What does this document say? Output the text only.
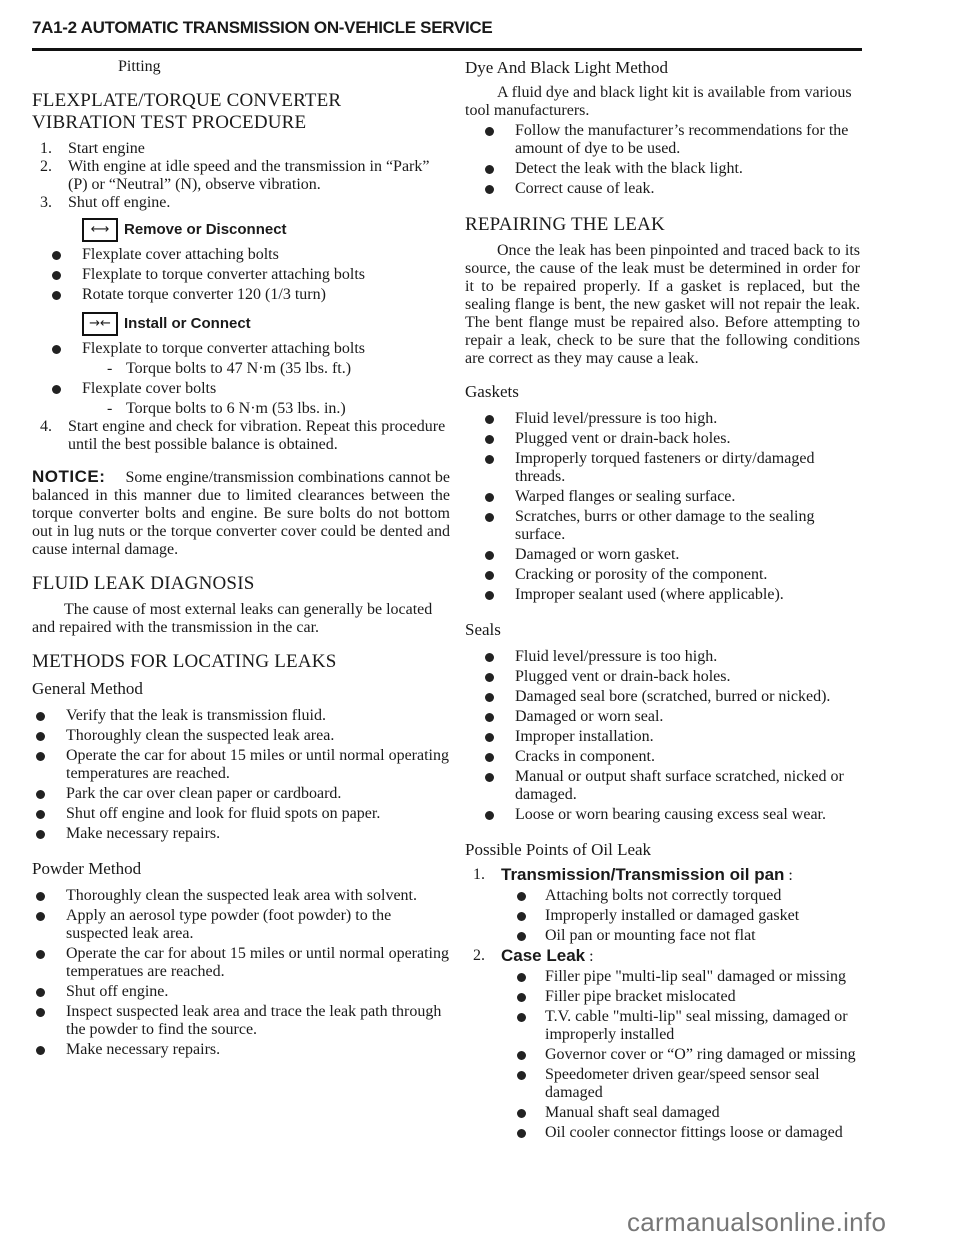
7A1-2 AUTOMATIC TRANSMISSION ON-VEHICLE SERVICE
Pitting
FLEXPLATE/TORQUE CONVERTER VIBRATION TEST PROCEDURE
1.	Start engine
2.	With engine at idle speed and the transmission in “Park” (P) or “Neutral” (N), observe vibration.
3.	Shut off engine.
⟷ Remove or Disconnect
Flexplate cover attaching bolts
Flexplate to torque converter attaching bolts
Rotate torque converter 120 (1/3 turn)
→← Install or Connect
Flexplate to torque converter attaching bolts
- Torque bolts to 47 N·m (35 lbs. ft.)
Flexplate cover bolts
- Torque bolts to 6 N·m (53 lbs. in.)
4.	Start engine and check for vibration. Repeat this procedure until the best possible balance is obtained.
NOTICE: Some engine/transmission combinations cannot be balanced in this manner due to limited clearances between the torque converter bolts and engine. Be sure bolts do not bottom out in lug nuts or the torque converter cover could be dented and cause internal damage.
FLUID LEAK DIAGNOSIS
The cause of most external leaks can generally be located and repaired with the transmission in the car.
METHODS FOR LOCATING LEAKS
General Method
Verify that the leak is transmission fluid.
Thoroughly clean the suspected leak area.
Operate the car for about 15 miles or until normal operating temperatures are reached.
Park the car over clean paper or cardboard.
Shut off engine and look for fluid spots on paper.
Make necessary repairs.
Powder Method
Thoroughly clean the suspected leak area with solvent.
Apply an aerosol type powder (foot powder) to the suspected leak area.
Operate the car for about 15 miles or until normal operating temperatues are reached.
Shut off engine.
Inspect suspected leak area and trace the leak path through the powder to find the source.
Make necessary repairs.
Dye And Black Light Method
A fluid dye and black light kit is available from various tool manufacturers.
Follow the manufacturer’s recommendations for the amount of dye to be used.
Detect the leak with the black light.
Correct cause of leak.
REPAIRING THE LEAK
Once the leak has been pinpointed and traced back to its source, the cause of the leak must be determined in order for it to be repaired properly. If a gasket is replaced, but the sealing flange is bent, the new gasket will not repair the leak. The bent flange must be repaired also. Before attempting to repair a leak, check to be sure that the following conditions are correct as they may cause a leak.
Gaskets
Fluid level/pressure is too high.
Plugged vent or drain-back holes.
Improperly torqued fasteners or dirty/damaged threads.
Warped flanges or sealing surface.
Scratches, burrs or other damage to the sealing surface.
Damaged or worn gasket.
Cracking or porosity of the component.
Improper sealant used (where applicable).
Seals
Fluid level/pressure is too high.
Plugged vent or drain-back holes.
Damaged seal bore (scratched, burred or nicked).
Damaged or worn seal.
Improper installation.
Cracks in component.
Manual or output shaft surface scratched, nicked or damaged.
Loose or worn bearing causing excess seal wear.
Possible Points of Oil Leak
1. Transmission/Transmission oil pan :
Attaching bolts not correctly torqued
Improperly installed or damaged gasket
Oil pan or mounting face not flat
2. Case Leak :
Filler pipe "multi-lip seal" damaged or missing
Filler pipe bracket mislocated
T.V. cable "multi-lip" seal missing, damaged or improperly installed
Governor cover or “O” ring damaged or missing
Speedometer driven gear/speed sensor seal damaged
Manual shaft seal damaged
Oil cooler connector fittings loose or damaged
carmanualsonline.info
